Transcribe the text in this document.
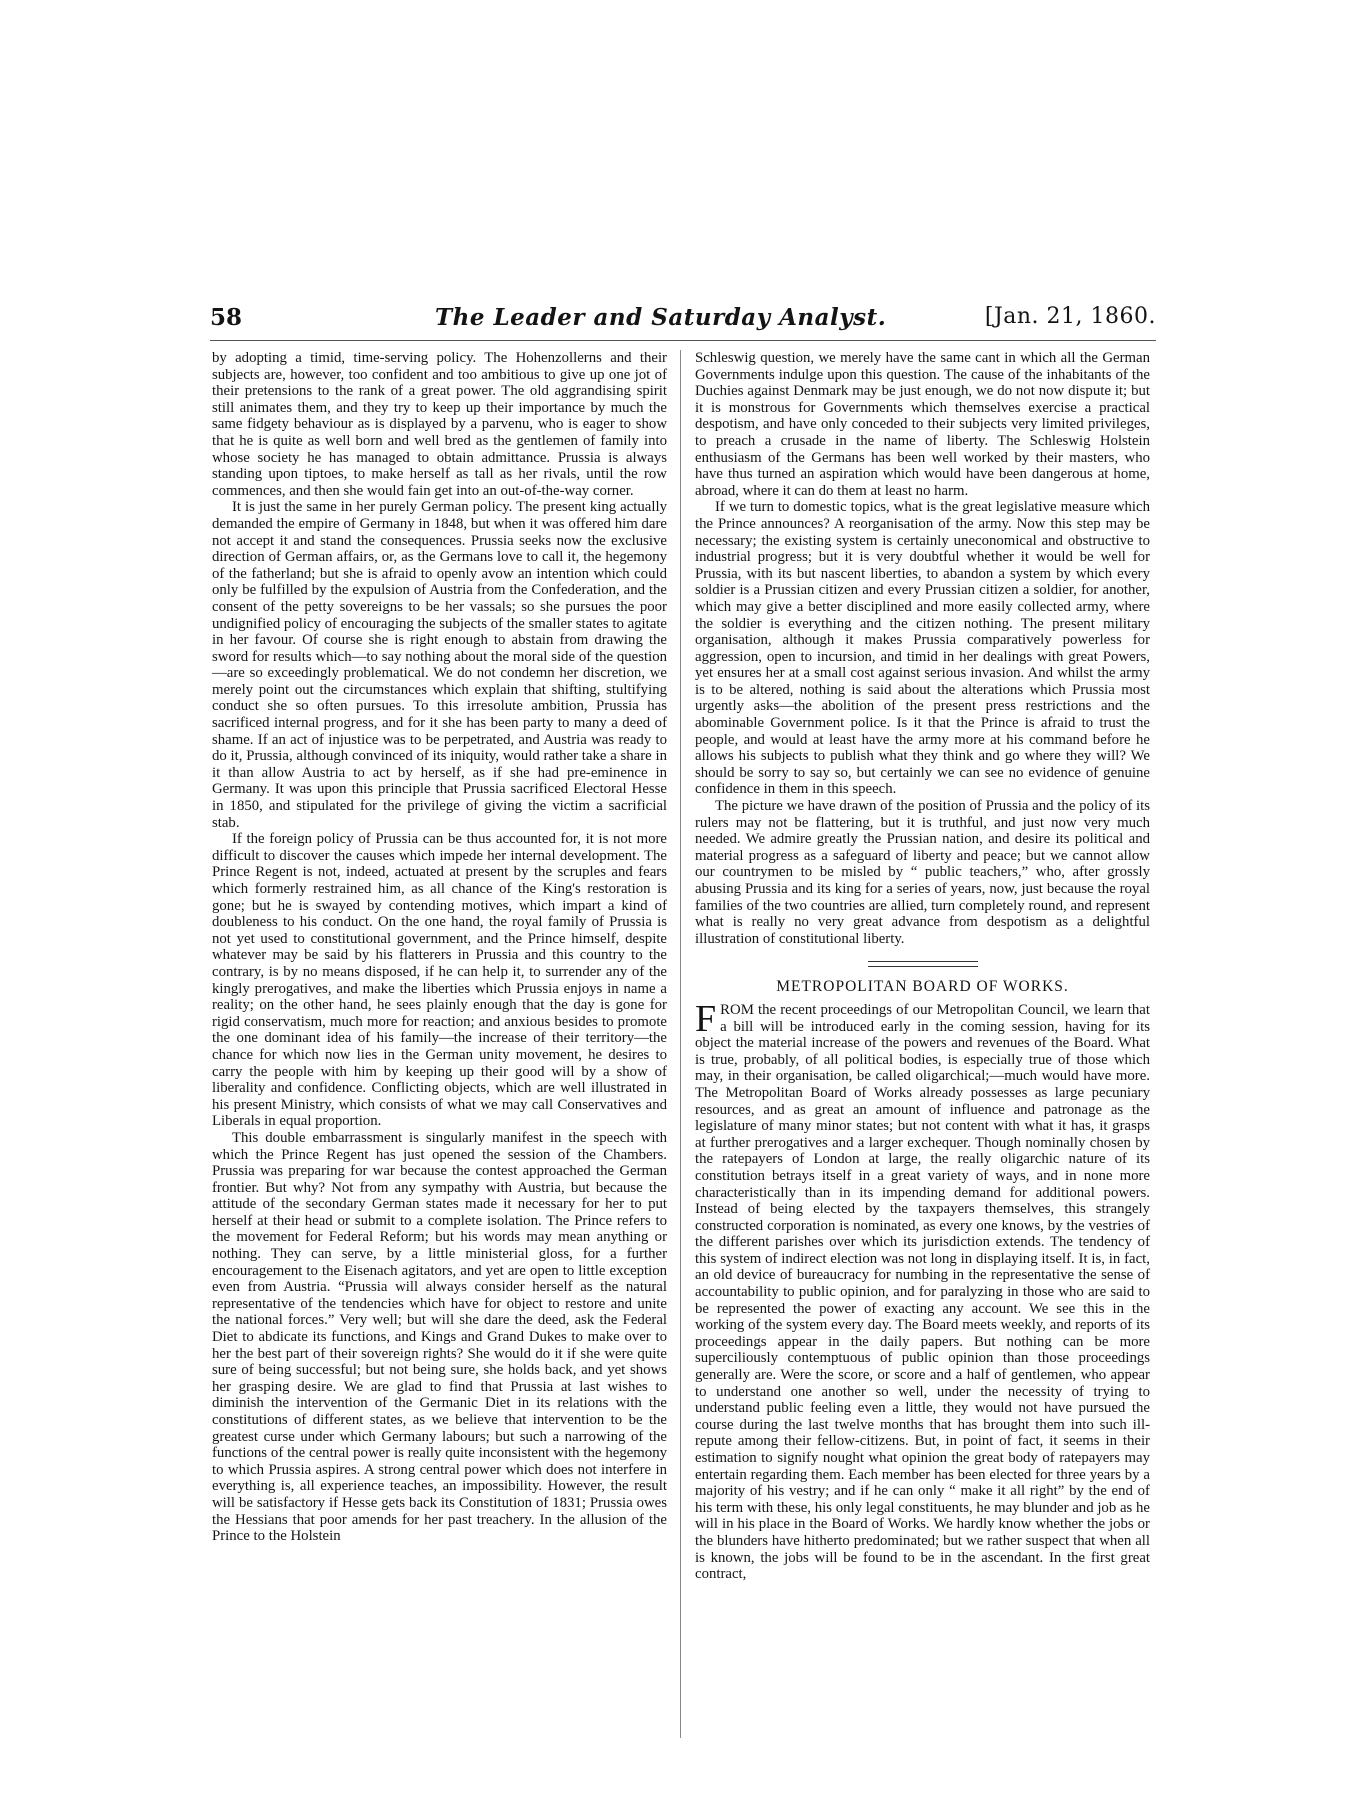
58	The Leader and Saturday Analyst.	[Jan. 21, 1860.

by adopting a timid, time-serving policy. The Hohenzollerns and their subjects are, however, too confident and too ambitious to give up one jot of their pretensions to the rank of a great power. The old aggrandising spirit still animates them, and they try to keep up their importance by much the same fidgety behaviour as is displayed by a parvenu, who is eager to show that he is quite as well born and well bred as the gentlemen of family into whose society he has managed to obtain admittance. Prussia is always standing upon tiptoes, to make herself as tall as her rivals, until the row commences, and then she would fain get into an out-of-the-way corner.

It is just the same in her purely German policy. The present king actually demanded the empire of Germany in 1848, but when it was offered him dare not accept it and stand the consequences. Prussia seeks now the exclusive direction of German affairs, or, as the Germans love to call it, the hegemony of the fatherland; but she is afraid to openly avow an intention which could only be fulfilled by the expulsion of Austria from the Confederation, and the consent of the petty sovereigns to be her vassals; so she pursues the poor undignified policy of encouraging the subjects of the smaller states to agitate in her favour. Of course she is right enough to abstain from drawing the sword for results which—to say nothing about the moral side of the question—are so exceedingly problematical. We do not condemn her discretion, we merely point out the circumstances which explain that shifting, stultifying conduct she so often pursues. To this irresolute ambition, Prussia has sacrificed internal progress, and for it she has been party to many a deed of shame. If an act of injustice was to be perpetrated, and Austria was ready to do it, Prussia, although convinced of its iniquity, would rather take a share in it than allow Austria to act by herself, as if she had pre-eminence in Germany. It was upon this principle that Prussia sacrificed Electoral Hesse in 1850, and stipulated for the privilege of giving the victim a sacrificial stab.

If the foreign policy of Prussia can be thus accounted for, it is not more difficult to discover the causes which impede her internal development. The Prince Regent is not, indeed, actuated at present by the scruples and fears which formerly restrained him, as all chance of the King's restoration is gone; but he is swayed by contending motives, which impart a kind of doubleness to his conduct. On the one hand, the royal family of Prussia is not yet used to constitutional government, and the Prince himself, despite whatever may be said by his flatterers in Prussia and this country to the contrary, is by no means disposed, if he can help it, to surrender any of the kingly prerogatives, and make the liberties which Prussia enjoys in name a reality; on the other hand, he sees plainly enough that the day is gone for rigid conservatism, much more for reaction; and anxious besides to promote the one dominant idea of his family—the increase of their territory—the chance for which now lies in the German unity movement, he desires to carry the people with him by keeping up their good will by a show of liberality and confidence. Conflicting objects, which are well illustrated in his present Ministry, which consists of what we may call Conservatives and Liberals in equal proportion.

This double embarrassment is singularly manifest in the speech with which the Prince Regent has just opened the session of the Chambers. Prussia was preparing for war because the contest approached the German frontier. But why? Not from any sympathy with Austria, but because the attitude of the secondary German states made it necessary for her to put herself at their head or submit to a complete isolation. The Prince refers to the movement for Federal Reform; but his words may mean anything or nothing. They can serve, by a little ministerial gloss, for a further encouragement to the Eisenach agitators, and yet are open to little exception even from Austria. “Prussia will always consider herself as the natural representative of the tendencies which have for object to restore and unite the national forces.” Very well; but will she dare the deed, ask the Federal Diet to abdicate its functions, and Kings and Grand Dukes to make over to her the best part of their sovereign rights? She would do it if she were quite sure of being successful; but not being sure, she holds back, and yet shows her grasping desire. We are glad to find that Prussia at last wishes to diminish the intervention of the Germanic Diet in its relations with the constitutions of different states, as we believe that intervention to be the greatest curse under which Germany labours; but such a narrowing of the functions of the central power is really quite inconsistent with the hegemony to which Prussia aspires. A strong central power which does not interfere in everything is, all experience teaches, an impossibility. However, the result will be satisfactory if Hesse gets back its Constitution of 1831; Prussia owes the Hessians that poor amends for her past treachery. In the allusion of the Prince to the Holstein

Schleswig question, we merely have the same cant in which all the German Governments indulge upon this question. The cause of the inhabitants of the Duchies against Denmark may be just enough, we do not now dispute it; but it is monstrous for Governments which themselves exercise a practical despotism, and have only conceded to their subjects very limited privileges, to preach a crusade in the name of liberty. The Schleswig Holstein enthusiasm of the Germans has been well worked by their masters, who have thus turned an aspiration which would have been dangerous at home, abroad, where it can do them at least no harm.

If we turn to domestic topics, what is the great legislative measure which the Prince announces? A reorganisation of the army. Now this step may be necessary; the existing system is certainly uneconomical and obstructive to industrial progress; but it is very doubtful whether it would be well for Prussia, with its but nascent liberties, to abandon a system by which every soldier is a Prussian citizen and every Prussian citizen a soldier, for another, which may give a better disciplined and more easily collected army, where the soldier is everything and the citizen nothing. The present military organisation, although it makes Prussia comparatively powerless for aggression, open to incursion, and timid in her dealings with great Powers, yet ensures her at a small cost against serious invasion. And whilst the army is to be altered, nothing is said about the alterations which Prussia most urgently asks—the abolition of the present press restrictions and the abominable Government police. Is it that the Prince is afraid to trust the people, and would at least have the army more at his command before he allows his subjects to publish what they think and go where they will? We should be sorry to say so, but certainly we can see no evidence of genuine confidence in them in this speech.

The picture we have drawn of the position of Prussia and the policy of its rulers may not be flattering, but it is truthful, and just now very much needed. We admire greatly the Prussian nation, and desire its political and material progress as a safeguard of liberty and peace; but we cannot allow our countrymen to be misled by “ public teachers,” who, after grossly abusing Prussia and its king for a series of years, now, just because the royal families of the two countries are allied, turn completely round, and represent what is really no very great advance from despotism as a delightful illustration of constitutional liberty.

METROPOLITAN BOARD OF WORKS.

FROM the recent proceedings of our Metropolitan Council, we learn that a bill will be introduced early in the coming session, having for its object the material increase of the powers and revenues of the Board. What is true, probably, of all political bodies, is especially true of those which may, in their organisation, be called oligarchical;—much would have more. The Metropolitan Board of Works already possesses as large pecuniary resources, and as great an amount of influence and patronage as the legislature of many minor states; but not content with what it has, it grasps at further prerogatives and a larger exchequer. Though nominally chosen by the ratepayers of London at large, the really oligarchic nature of its constitution betrays itself in a great variety of ways, and in none more characteristically than in its impending demand for additional powers. Instead of being elected by the taxpayers themselves, this strangely constructed corporation is nominated, as every one knows, by the vestries of the different parishes over which its jurisdiction extends. The tendency of this system of indirect election was not long in displaying itself. It is, in fact, an old device of bureaucracy for numbing in the representative the sense of accountability to public opinion, and for paralyzing in those who are said to be represented the power of exacting any account. We see this in the working of the system every day. The Board meets weekly, and reports of its proceedings appear in the daily papers. But nothing can be more superciliously contemptuous of public opinion than those proceedings generally are. Were the score, or score and a half of gentlemen, who appear to understand one another so well, under the necessity of trying to understand public feeling even a little, they would not have pursued the course during the last twelve months that has brought them into such ill-repute among their fellow-citizens. But, in point of fact, it seems in their estimation to signify nought what opinion the great body of ratepayers may entertain regarding them. Each member has been elected for three years by a majority of his vestry; and if he can only “ make it all right” by the end of his term with these, his only legal constituents, he may blunder and job as he will in his place in the Board of Works. We hardly know whether the jobs or the blunders have hitherto predominated; but we rather suspect that when all is known, the jobs will be found to be in the ascendant. In the first great contract,
